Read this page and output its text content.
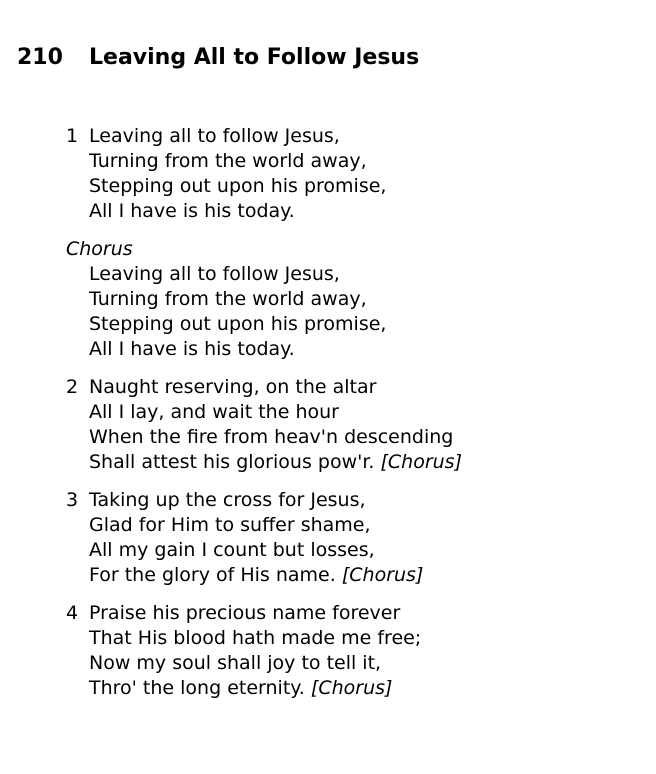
210 Leaving All to Follow Jesus
1 Leaving all to follow Jesus,
Turning from the world away,
Stepping out upon his promise,
All I have is his today.
Chorus
Leaving all to follow Jesus,
Turning from the world away,
Stepping out upon his promise,
All I have is his today.
2 Naught reserving, on the altar
All I lay, and wait the hour
When the fire from heav'n descending
Shall attest his glorious pow'r. [Chorus]
3 Taking up the cross for Jesus,
Glad for Him to suffer shame,
All my gain I count but losses,
For the glory of His name. [Chorus]
4 Praise his precious name forever
That His blood hath made me free;
Now my soul shall joy to tell it,
Thro' the long eternity. [Chorus]
